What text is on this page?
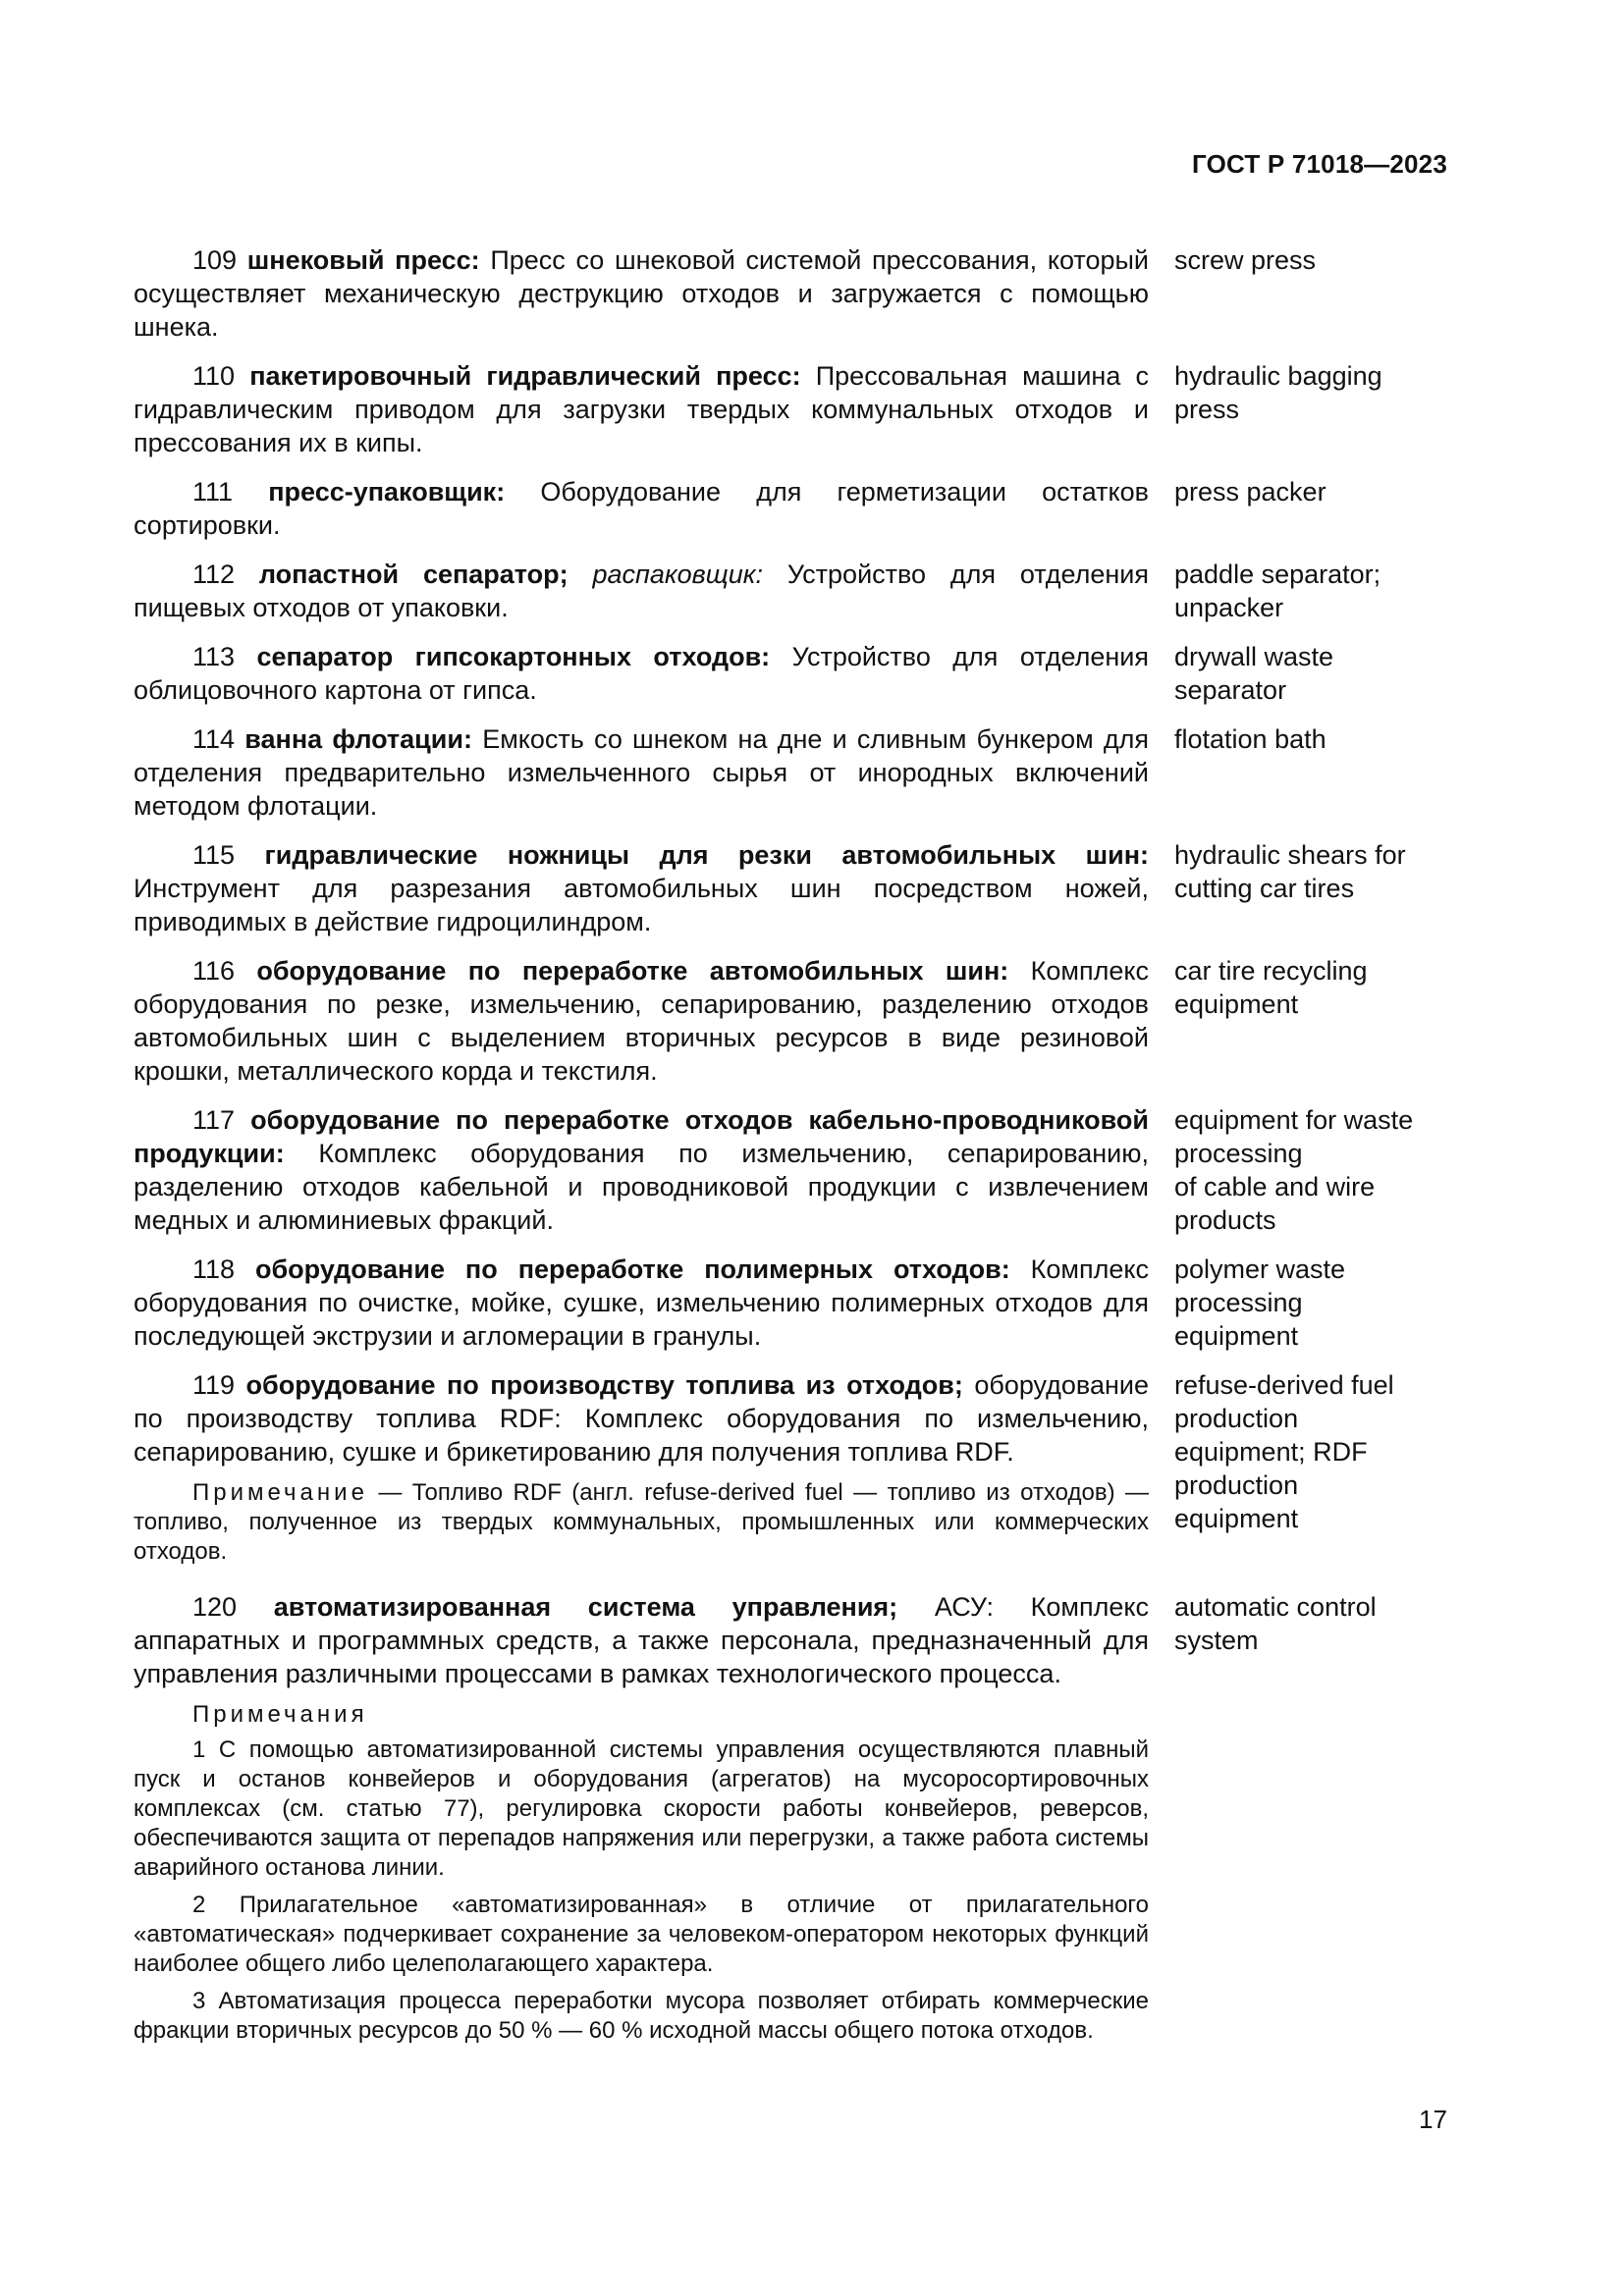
ГОСТ Р 71018—2023

109 шнековый пресс: Пресс со шнековой системой прессования, который осуществляет механическую деструкцию отходов и загружается с помощью шнека.

screw press

110 пакетировочный гидравлический пресс: Прессовальная машина с гидравлическим приводом для загрузки твердых коммунальных отходов и прессования их в кипы.

hydraulic bagging
press

111 пресс-упаковщик: Оборудование для герметизации остатков сортировки.

press packer

112 лопастной сепаратор; распаковщик: Устройство для отделения пищевых отходов от упаковки.

paddle separator;
unpacker

113 сепаратор гипсокартонных отходов: Устройство для отделения облицовочного картона от гипса.

drywall waste
separator

114 ванна флотации: Емкость со шнеком на дне и сливным бункером для отделения предварительно измельченного сырья от инородных включений методом флотации.

flotation bath

115 гидравлические ножницы для резки автомобильных шин: Инструмент для разрезания автомобильных шин посредством ножей, приводимых в действие гидроцилиндром.

hydraulic shears for
cutting car tires

116 оборудование по переработке автомобильных шин: Комплекс оборудования по резке, измельчению, сепарированию, разделению отходов автомобильных шин с выделением вторичных ресурсов в виде резиновой крошки, металлического корда и текстиля.

car tire recycling
equipment

117 оборудование по переработке отходов кабельно-проводниковой продукции: Комплекс оборудования по измельчению, сепарированию, разделению отходов кабельной и проводниковой продукции с извлечением медных и алюминиевых фракций.

equipment for waste
processing
of cable and wire
products

118 оборудование по переработке полимерных отходов: Комплекс оборудования по очистке, мойке, сушке, измельчению полимерных отходов для последующей экструзии и агломерации в гранулы.

polymer waste
processing
equipment

119 оборудование по производству топлива из отходов; оборудование по производству топлива RDF: Комплекс оборудования по измельчению, сепарированию, сушке и брикетированию для получения топлива RDF.

Примечание — Топливо RDF (англ. refuse-derived fuel — топливо из отходов) — топливо, полученное из твердых коммунальных, промышленных или коммерческих отходов.

refuse-derived fuel
production
equipment; RDF
production
equipment

120 автоматизированная система управления; АСУ: Комплекс аппаратных и программных средств, а также персонала, предназначенный для управления различными процессами в рамках технологического процесса.

Примечания

1 С помощью автоматизированной системы управления осуществляются плавный пуск и останов конвейеров и оборудования (агрегатов) на мусоросортировочных комплексах (см. статью 77), регулировка скорости работы конвейеров, реверсов, обеспечиваются защита от перепадов напряжения или перегрузки, а также работа системы аварийного останова линии.

2 Прилагательное «автоматизированная» в отличие от прилагательного «автоматическая» подчеркивает сохранение за человеком-оператором некоторых функций наиболее общего либо целеполагающего характера.

3 Автоматизация процесса переработки мусора позволяет отбирать коммерческие фракции вторичных ресурсов до 50 % — 60 % исходной массы общего потока отходов.

automatic control
system
17
